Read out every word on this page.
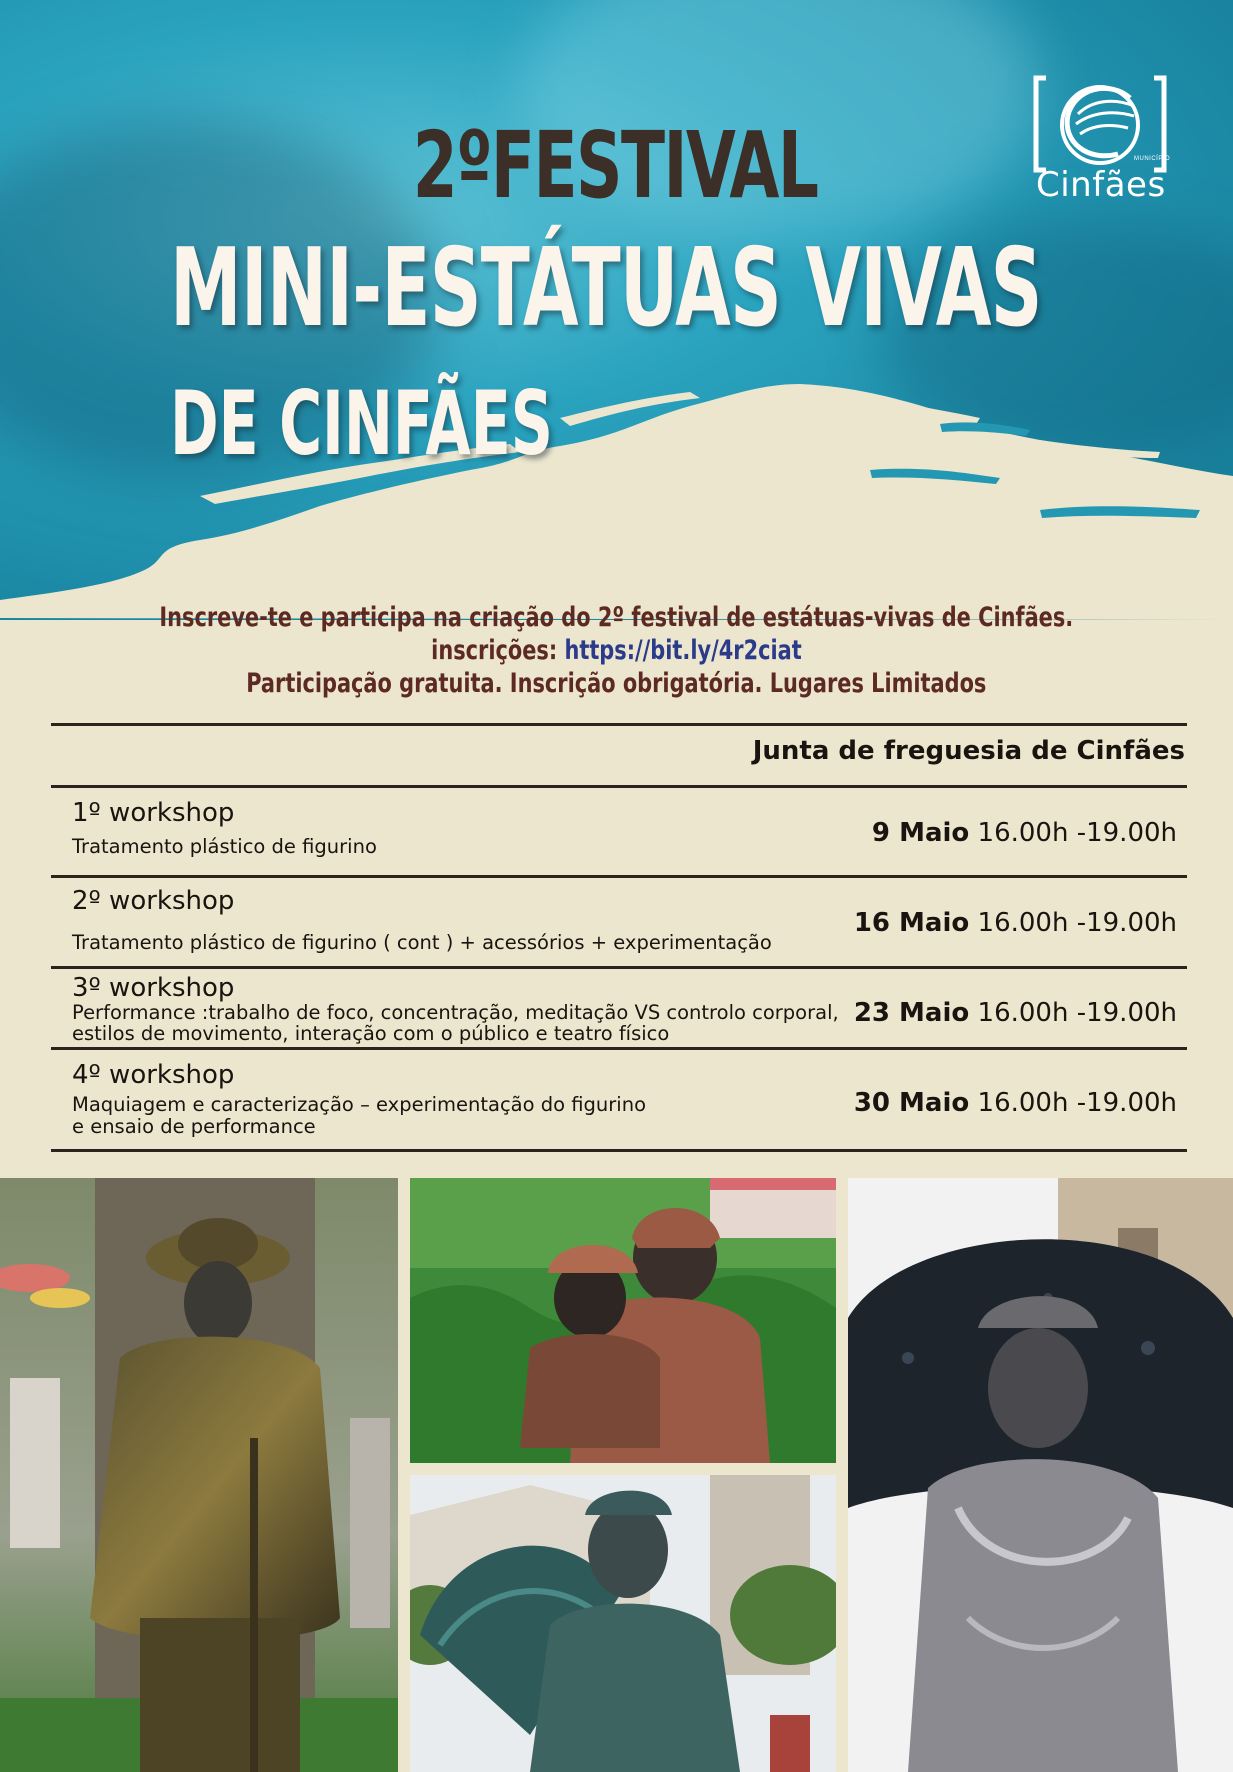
MUNICÍPIO
Cinfães
2ºFESTIVAL
MINI-ESTÁTUAS VIVAS
DE CINFÃES
Inscreve-te e participa na criação do 2º festival de estátuas-vivas de Cinfães.
inscrições: https://bit.ly/4r2ciat
Participação gratuita. Inscrição obrigatória. Lugares Limitados
Junta de freguesia de Cinfães
1º workshop
Tratamento plástico de figurino	9 Maio 16.00h -19.00h
2º workshop
Tratamento plástico de figurino ( cont ) + acessórios + experimentação
16 Maio 16.00h -19.00h
3º workshop
Performance :trabalho de foco, concentração, meditação VS controlo corporal,
estilos de movimento, interação com o público e teatro físico
23 Maio 16.00h -19.00h
4º workshop
Maquiagem e caracterização – experimentação do figurino
e ensaio de performance
30 Maio 16.00h -19.00h
